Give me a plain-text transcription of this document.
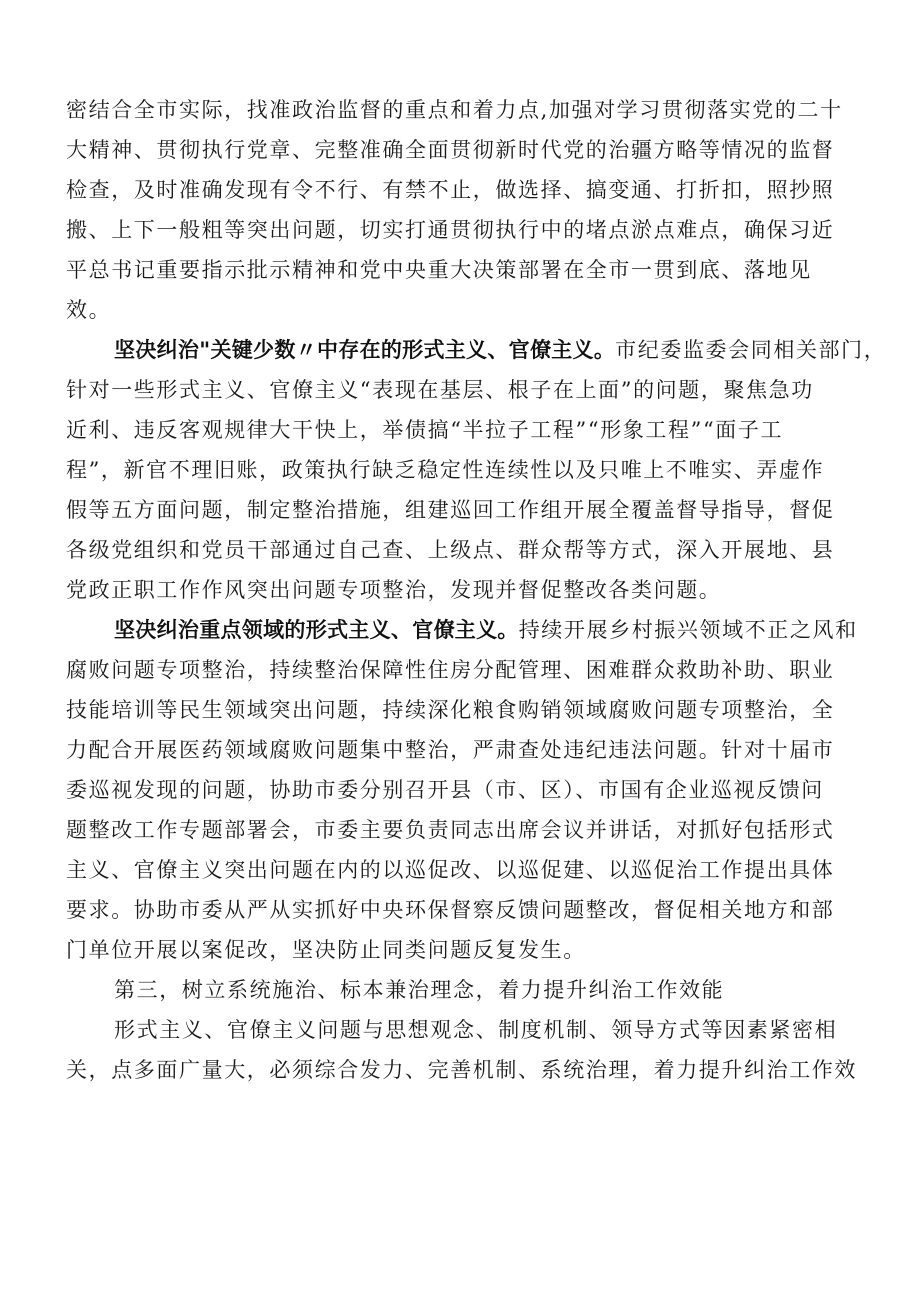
密结合全市实际，找准政治监督的重点和着力点,加强对学习贯彻落实党的二十

大精神、贯彻执行党章、完整准确全面贯彻新时代党的治疆方略等情况的监督

检查，及时准确发现有令不行、有禁不止，做选择、搞变通、打折扣，照抄照

搬、上下一般粗等突出问题，切实打通贯彻执行中的堵点淤点难点，确保习近

平总书记重要指示批示精神和党中央重大决策部署在全市一贯到底、落地见

效。

坚决纠治"关键少数〃中存在的形式主义、官僚主义。市纪委监委会同相关部门，

针对一些形式主义、官僚主义“表现在基层、根子在上面”的问题，聚焦急功

近利、违反客观规律大干快上，举债搞“半拉子工程”“形象工程”“面子工

程”，新官不理旧账，政策执行缺乏稳定性连续性以及只唯上不唯实、弄虚作

假等五方面问题，制定整治措施，组建巡回工作组开展全覆盖督导指导，督促

各级党组织和党员干部通过自己查、上级点、群众帮等方式，深入开展地、县

党政正职工作作风突出问题专项整治，发现并督促整改各类问题。

坚决纠治重点领域的形式主义、官僚主义。持续开展乡村振兴领域不正之风和

腐败问题专项整治，持续整治保障性住房分配管理、困难群众救助补助、职业

技能培训等民生领域突出问题，持续深化粮食购销领域腐败问题专项整治，全

力配合开展医药领域腐败问题集中整治，严肃查处违纪违法问题。针对十届市

委巡视发现的问题，协助市委分别召开县（市、区）、市国有企业巡视反馈问

题整改工作专题部署会，市委主要负责同志出席会议并讲话，对抓好包括形式

主义、官僚主义突出问题在内的以巡促改、以巡促建、以巡促治工作提出具体

要求。协助市委从严从实抓好中央环保督察反馈问题整改，督促相关地方和部

门单位开展以案促改，坚决防止同类问题反复发生。

第三，树立系统施治、标本兼治理念，着力提升纠治工作效能

形式主义、官僚主义问题与思想观念、制度机制、领导方式等因素紧密相

关，点多面广量大，必须综合发力、完善机制、系统治理，着力提升纠治工作效
